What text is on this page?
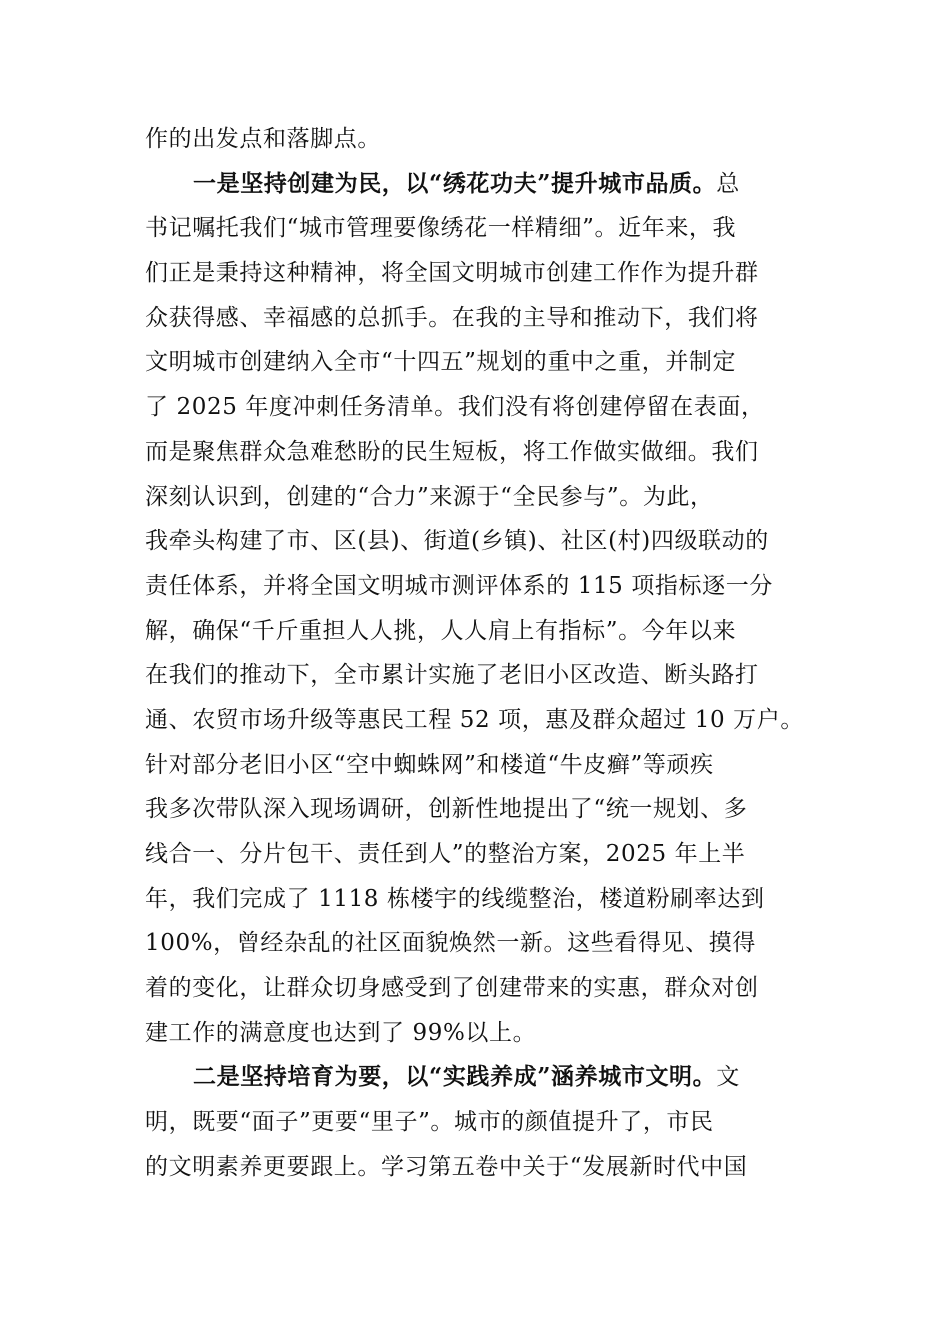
作的出发点和落脚点。
一是坚持创建为民，以“绣花功夫”提升城市品质。总
书记嘱托我们“城市管理要像绣花一样精细”。近年来，我
们正是秉持这种精神，将全国文明城市创建工作作为提升群
众获得感、幸福感的总抓手。在我的主导和推动下，我们将
文明城市创建纳入全市“十四五”规划的重中之重，并制定
了 2025 年度冲刺任务清单。我们没有将创建停留在表面，
而是聚焦群众急难愁盼的民生短板，将工作做实做细。我们
深刻认识到，创建的“合力”来源于“全民参与”。为此，
我牵头构建了市、区(县)、街道(乡镇)、社区(村)四级联动的
责任体系，并将全国文明城市测评体系的 115 项指标逐一分
解，确保“千斤重担人人挑，人人肩上有指标”。今年以来
在我们的推动下，全市累计实施了老旧小区改造、断头路打
通、农贸市场升级等惠民工程 52 项，惠及群众超过 10 万户。
针对部分老旧小区“空中蜘蛛网”和楼道“牛皮癣”等顽疾
我多次带队深入现场调研，创新性地提出了“统一规划、多
线合一、分片包干、责任到人”的整治方案，2025 年上半
年，我们完成了 1118 栋楼宇的线缆整治，楼道粉刷率达到
100%，曾经杂乱的社区面貌焕然一新。这些看得见、摸得
着的变化，让群众切身感受到了创建带来的实惠，群众对创
建工作的满意度也达到了 99%以上。
二是坚持培育为要，以“实践养成”涵养城市文明。文
明，既要“面子”更要“里子”。城市的颜值提升了，市民
的文明素养更要跟上。学习第五卷中关于“发展新时代中国
